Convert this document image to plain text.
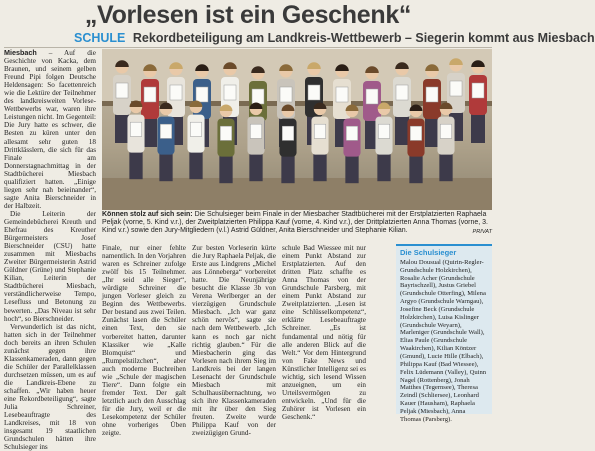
„Vorlesen ist ein Geschenk“
SCHULE Rekordbeteiligung am Landkreis-Wettbewerb – Siegerin kommt aus Miesbach

Miesbach – Auf die Geschichte von Kacka, dem Braunen, und seinem gelben Freund Pipi folgen Deutsche Heldensagen: So facettenreich wie die Lektüre der Teilnehmer des landkreisweiten Vorlese-Wettbewerbs war, waren ihre Leistungen nicht. Im Gegenteil: Die Jury hatte es schwer, die Besten zu küren unter den allesamt sehr guten 18 Drittklässlern, die sich für das Finale am Donnerstagnachmittag in der Stadtbücherei Miesbach qualifiziert hatten. „Einige liegen sehr nah beieinander“, sagte Anita Bierschneider in der Halbzeit.

Die Leiterin der Gemeindebücherei Kreuth und Ehefrau des Kreuther Bürgermeisters Josef Bierschneider (CSU) hatte zusammen mit Miesbachs Zweiter Bürgermeisterin Astrid Güldner (Grüne) und Stephanie Kilian, Leiterin der Stadtbücherei Miesbach, verständlicherweise Tempo, Lesefluss und Betonung zu bewerten. „Das Niveau ist sehr hoch“, so Bierschneider.

Verwunderlich ist das nicht, hatten sich in der Teilnehmer doch bereits an ihren Schulen zunächst gegen ihre Klassenkameraden, dann gegen die Schüler der Parallelklassen durchsetzen müssen, um es auf die Landkreis-Ebene zu schaffen. „Wir haben heuer eine Rekordbeteiligung“, sagte Julia Schreiner, Lesebeauftragte des Landkreises, mit 18 von insgesamt 19 staatlichen Grundschulen hätten ihre Schulsieger ins

Können stolz auf sich sein: Die Schulsieger beim Finale in der Miesbacher Stadtbücherei mit der Erstplatzierten Raphaela Peljak (vorne, 5. Kind v.r.), der Zweitplatzierten Philippa Kauf (vorne, 4. Kind v.r.), der Drittplatzierten Anna Thomas (vorne, 3. Kind v.r.) sowie den Jury-Mitgliedern (v.l.) Astrid Güldner, Anita Bierschneider und Stephanie Kilian.	PRIVAT
Finale, nur einer fehlte namentlich. In den Vorjahren waren es Schreiner zufolge zwölf bis 15 Teilnehmer. „Ihr seid alle Sieger“, würdigte Schreiner die jungen Vorleser gleich zu Beginn des Wettbewerbs. Der bestand aus zwei Teilen. Zunächst lasen die Schüler einen Text, den sie vorbereitet hatten, darunter Klassiker wie „Kalle Blomquist“ und „Rumpelstilzchen“, aber auch moderne Buchreihen wie „Schule der magischen Tiere“. Dann folgte ein fremder Text. Der galt letztlich auch den Ausschlag für die Jury, weil er die Lesekompetenz der Schüler ohne vorheriges Üben zeigte.
Zur besten Vorleserin kürte die Jury Raphaela Peljak, die Erste aus Lindgrens „Michel aus Lönneberga“ vorbereitet hatte. Die Neunjährige besucht die Klasse 3b von Verena Werlberger an der vierzügigen Grundschule Miesbach. „Ich war ganz schön nervös“, sagte sie nach dem Wettbewerb. „Ich kann es noch gar nicht richtig glauben.“ Für die Miesbacherin ging das Vorlesen nach ihrem Sieg im Landkreis bei der langen Lesenacht der Grundschule Miesbach mit Schulhausübernachtung, wo sich ihre Klassenkameraden mit ihr über den Sieg freuten. Zweite wurde Philippa Kauf von der zweizügigen Grund-
schule Bad Wiessee mit nur einem Punkt Abstand zur Erstplatzierten. Auf den dritten Platz schaffte es Anna Thomas von der Grundschule Parsberg, mit einem Punkt Abstand zur Zweitplatzierten. „Lesen ist eine Schlüsselkompetenz“, erklärte Lesebeauftragte Schreiner. „Es ist fundamental und nötig für alle anderen Blick auf die Welt.“ Vor dem Hintergrund von Fake News und Künstlicher Intelligenz sei es wichtig, sich lesend Wissen anzueignen, um ein Urteilsvermögen zu entwickeln. „Und für die Zuhörer ist Vorlesen ein Geschenk.“
Die Schulsieger
Malou Dousual (Quirin-Regler-Grundschule Holzkirchen), Rosalie Acher (Grundschule Bayrischzell), Justus Griebel (Grundschule Otterfing), Milena Argyo (Grundschule Warngau), Josefine Beck (Grundschule Holzkirchen), Luisa Kislinger (Grundschule Weyarn), Marleniger (Grundschule Wall), Elias Paule (Grundschule Waakirchen), Kilian Köntzer (Gmund), Lucie Hille (Elbach), Philippa Kauf (Bad Wiessee), Felix Lüdemann (Valley), Quinn Nagel (Rottenberg), Jonah Matthes (Tegernsee), Theresa Zeindl (Schliersee), Leonhard Kauer (Hausham), Raphaela Peljak (Miesbach), Anna Thomas (Parsberg).
